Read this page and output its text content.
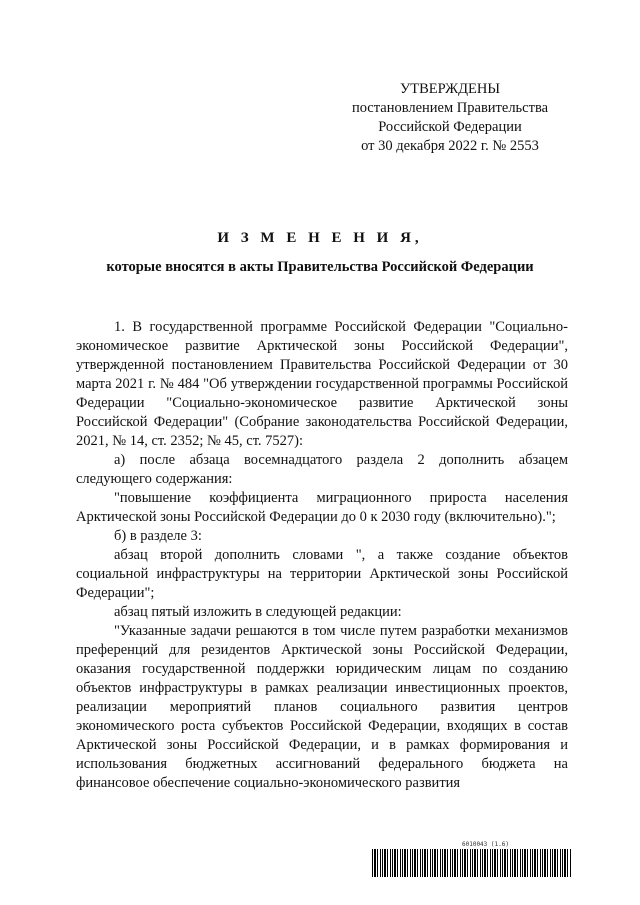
УТВЕРЖДЕНЫ
постановлением Правительства
Российской Федерации
от 30 декабря 2022 г. № 2553
И З М Е Н Е Н И Я,
которые вносятся в акты Правительства Российской Федерации

1. В государственной программе Российской Федерации "Социально-экономическое развитие Арктической зоны Российской Федерации", утвержденной постановлением Правительства Российской Федерации от 30 марта 2021 г. № 484 "Об утверждении государственной программы Российской Федерации "Социально-экономическое развитие Арктической зоны Российской Федерации" (Собрание законодательства Российской Федерации, 2021, № 14, ст. 2352; № 45, ст. 7527):

а) после абзаца восемнадцатого раздела 2 дополнить абзацем следующего содержания:

"повышение коэффициента миграционного прироста населения Арктической зоны Российской Федерации до 0 к 2030 году (включительно).";

б) в разделе 3:

абзац второй дополнить словами ", а также создание объектов социальной инфраструктуры на территории Арктической зоны Российской Федерации";

абзац пятый изложить в следующей редакции:

"Указанные задачи решаются в том числе путем разработки механизмов преференций для резидентов Арктической зоны Российской Федерации, оказания государственной поддержки юридическим лицам по созданию объектов инфраструктуры в рамках реализации инвестиционных проектов, реализации мероприятий планов социального развития центров экономического роста субъектов Российской Федерации, входящих в состав Арктической зоны Российской Федерации, и в рамках формирования и использования бюджетных ассигнований федерального бюджета на финансовое обеспечение социально-экономического развития

6010043 (1.6)
